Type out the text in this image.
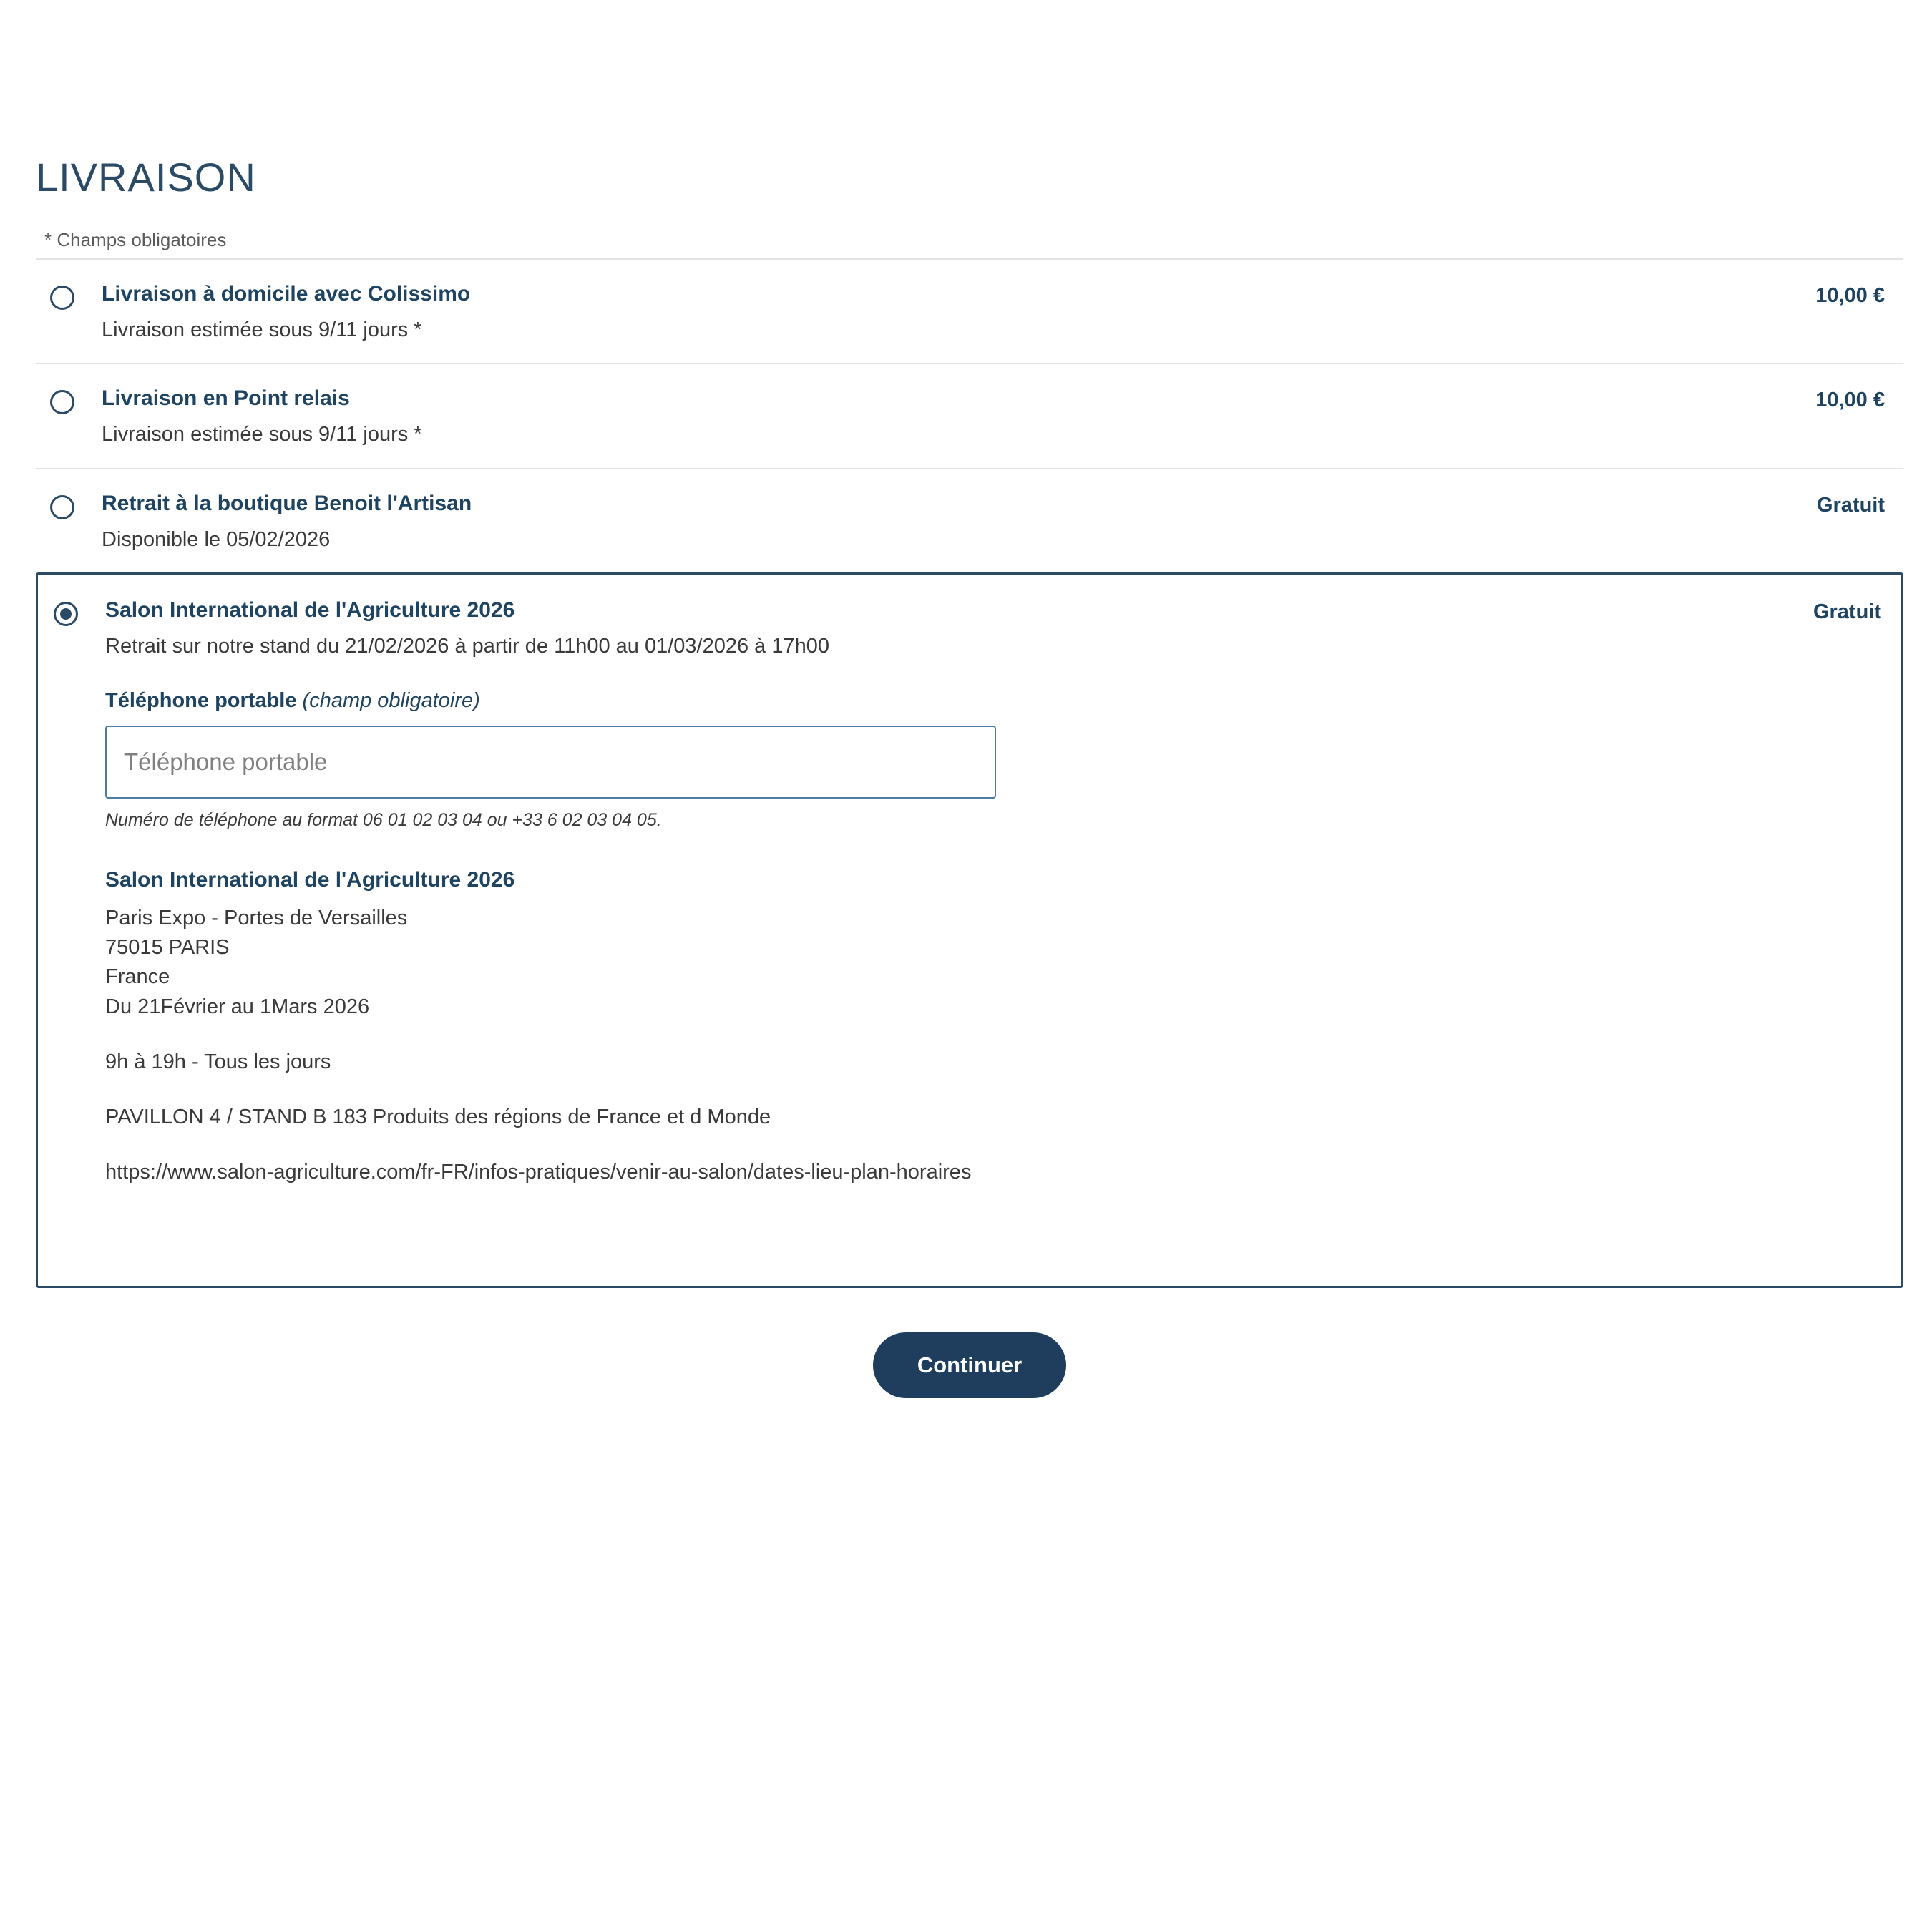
LIVRAISON
* Champs obligatoires
Livraison à domicile avec Colissimo
Livraison estimée sous 9/11 jours *
10,00 €
Livraison en Point relais
Livraison estimée sous 9/11 jours *
10,00 €
Retrait à la boutique Benoit l'Artisan
Disponible le 05/02/2026
Gratuit
Salon International de l'Agriculture 2026
Retrait sur notre stand du 21/02/2026 à partir de 11h00 au 01/03/2026 à 17h00
Téléphone portable (champ obligatoire)
Téléphone portable
Numéro de téléphone au format 06 01 02 03 04 ou +33 6 02 03 04 05.
Salon International de l'Agriculture 2026
Paris Expo - Portes de Versailles
75015 PARIS
France
Du 21Février au 1Mars 2026
9h à 19h - Tous les jours
PAVILLON 4 / STAND B 183 Produits des régions de France et d Monde
https://www.salon-agriculture.com/fr-FR/infos-pratiques/venir-au-salon/dates-lieu-plan-horaires
Gratuit
Continuer
